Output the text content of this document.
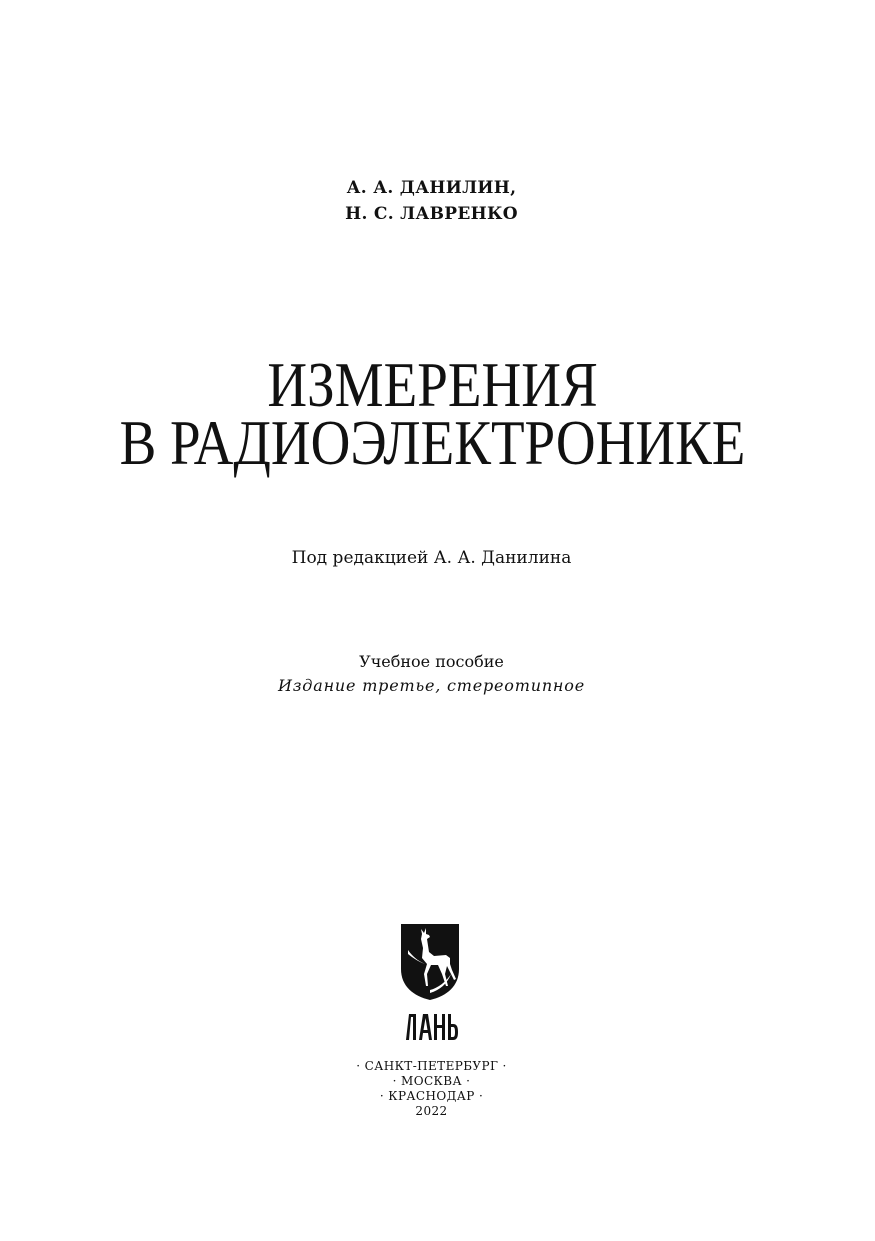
А. А. ДАНИЛИН,
Н. С. ЛАВРЕНКО
ИЗМЕРЕНИЯ
В РАДИОЭЛЕКТРОНИКЕ
Под редакцией А. А. Данилина
Учебное пособие
Издание третье, стереотипное
· САНКТ-ПЕТЕРБУРГ ·
· МОСКВА ·
· КРАСНОДАР ·
2022
